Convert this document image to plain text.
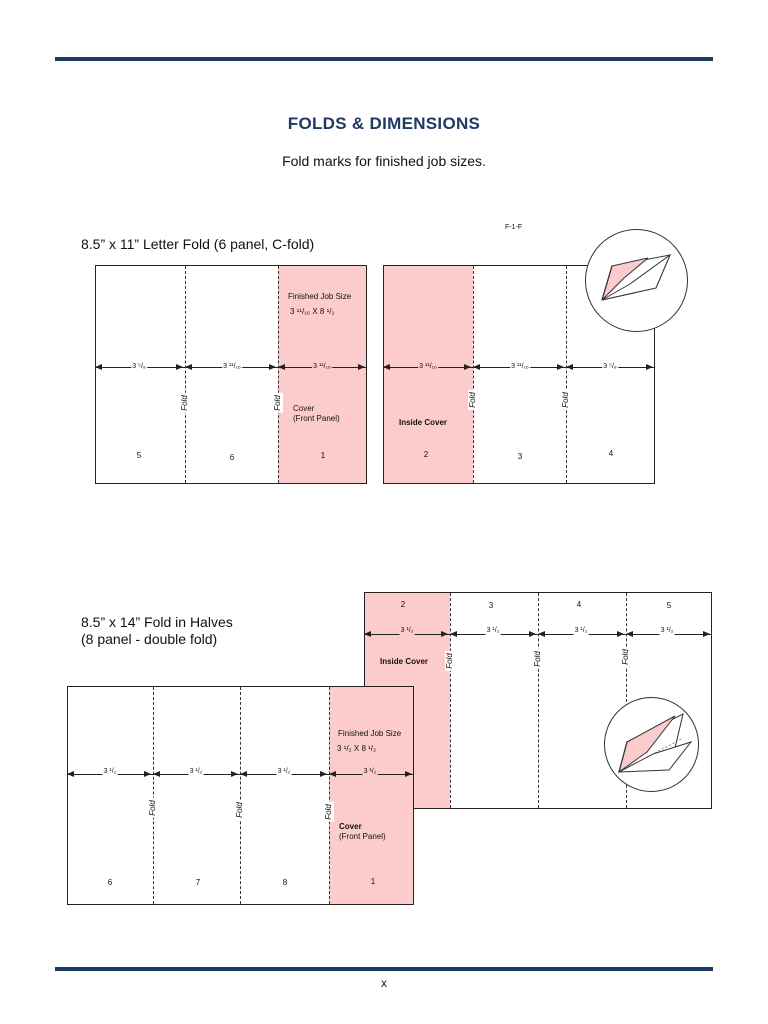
FOLDS & DIMENSIONS
Fold marks for finished job sizes.
F-1-F
8.5” x 11” Letter Fold (6 panel, C-fold)
5	6
Finished Job Size
3 ¹¹/₁₆ X 8 ¹/₂
Cover
(Front Panel)
1
3 ⁵/₈	3 ¹¹/₁₆	3 ¹¹/₁₆
Fold	Fold
Inside Cover
2	3	4
3 ¹¹/₁₆	3 ¹¹/₁₆	3 ⁵/₈
Fold	Fold
8.5” x 14” Fold in Halves
(8 panel - double fold)
2
Inside Cover
3	4	5
3 ¹/₂	3 ¹/₂	3 ¹/₂	3 ¹/₂
Fold	Fold	Fold
6	7	8
Finished Job Size
3 ¹/₂ X 8 ¹/₂
Cover
(Front Panel)
1
3 ¹/₂	3 ¹/₂	3 ¹/₂	3 ¹/₂
Fold	Fold	Fold
x
